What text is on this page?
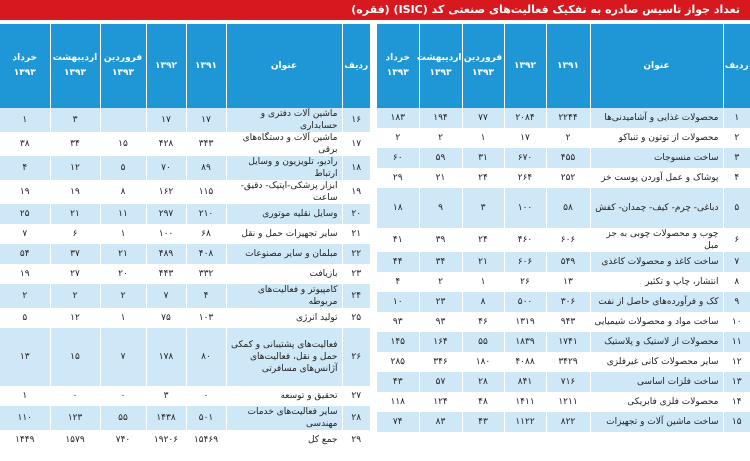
تعداد جواز تاسیس صادره به تفکیک فعالیت‌های صنعتی کد (ISIC) (فقره)
ردیف	عنوان	۱۳۹۱	۱۳۹۲	فروردین
۱۳۹۳	اردیبهشت
۱۳۹۳	خرداد
۱۳۹۳
۱	محصولات غذایی و آشامیدنی‌ها	۲۲۴۴	۲۰۸۴	۷۷	۱۹۴	۱۸۳
۲	محصولات از توتون و تنباکو	۲	۱۷	۱	۲	۲
۳	ساخت منسوجات	۴۵۵	۶۷۰	۳۱	۵۹	۶۰
۴	پوشاک و عمل آوردن پوست خز	۲۵۲	۲۶۴	۲۴	۲۱	۲۹
۵	دباغی- چرم- کیف- چمدان- کفش	۵۸	۱۰۰	۳	۹	۱۸
۶	چوب و محصولات چوبی به جز مبل	۶۰۶	۴۶۰	۲۴	۳۹	۴۱
۷	ساخت کاغذ و محصولات کاغذی	۵۴۹	۶۰۶	۲۱	۳۴	۴۴
۸	انتشار، چاپ و تکثیر	۱۳	۲۶	۱	۲	۴
۹	کک و فرآورده‌های حاصل از نفت	۳۰۶	۵۰۰	۸	۲۳	۱۰
۱۰	ساخت مواد و محصولات شیمیایی	۹۴۳	۱۳۱۹	۴۶	۹۳	۹۳
۱۱	محصولات از لاستیک و پلاستیک	۱۷۴۱	۱۸۳۹	۵۵	۱۶۴	۱۴۵
۱۲	سایر محصولات کانی غیرفلزی	۳۴۲۹	۴۰۸۸	۱۸۰	۳۴۶	۲۸۵
۱۳	ساخت فلزات اساسی	۷۱۶	۸۴۱	۲۸	۵۷	۴۳
۱۴	محصولات فلزی فابریکی	۱۲۱۱	۱۴۱۱	۴۸	۱۲۴	۱۱۸
۱۵	ساخت ماشین آلات و تجهیزات	۸۲۲	۱۱۲۲	۴۳	۸۳	۷۴
ردیف	عنوان	۱۳۹۱	۱۳۹۲	فروردین
۱۳۹۳	اردیبهشت
۱۳۹۳	خرداد
۱۳۹۳
۱۶	ماشین آلات دفتری و حسابداری	۱۷	۱۷		۳	۱
۱۷	ماشین آلات و دستگاه‌های برقی	۳۴۳	۴۲۸	۱۵	۳۴	۳۸
۱۸	رادیو، تلویزیون و وسایل ارتباط	۸۹	۷۰	۵	۱۲	۴
۱۹	ابزار پزشکی-اپتیک- دقیق- ساعت	۱۱۵	۱۶۲	۸	۱۹	۱۹
۲۰	وسایل نقلیه موتوری	۲۱۰	۲۹۷	۱۱	۲۱	۲۵
۲۱	سایر تجهیزات حمل و نقل	۶۸	۱۰۰	۱	۶	۷
۲۲	مبلمان و سایر مصنوعات	۴۰۸	۴۸۹	۲۱	۳۷	۵۴
۲۳	بازیافت	۳۳۲	۴۴۳	۲۰	۲۷	۱۹
۲۴	کامپیوتر و فعالیت‌های مربوطه	۴	۷	۲	۲	۲
۲۵	تولید انرژی	۱۰۳	۷۵	۱	۱۲	۵
۲۶	فعالیت‌های پشتیبانی و کمکی حمل و نقل، فعالیت‌های آژانس‌های مسافرتی	۸۰	۱۷۸	۷	۱۵	۱۳
۲۷	تحقیق و توسعه	۰	۳	۰	۰	۱
۲۸	سایر فعالیت‌های خدمات مهندسی	۵۰۱	۱۴۳۸	۵۵	۱۲۳	۱۱۰
۲۹	جمع کل	۱۵۴۶۹	۱۹۲۰۶	۷۴۰	۱۵۷۹	۱۴۴۹
